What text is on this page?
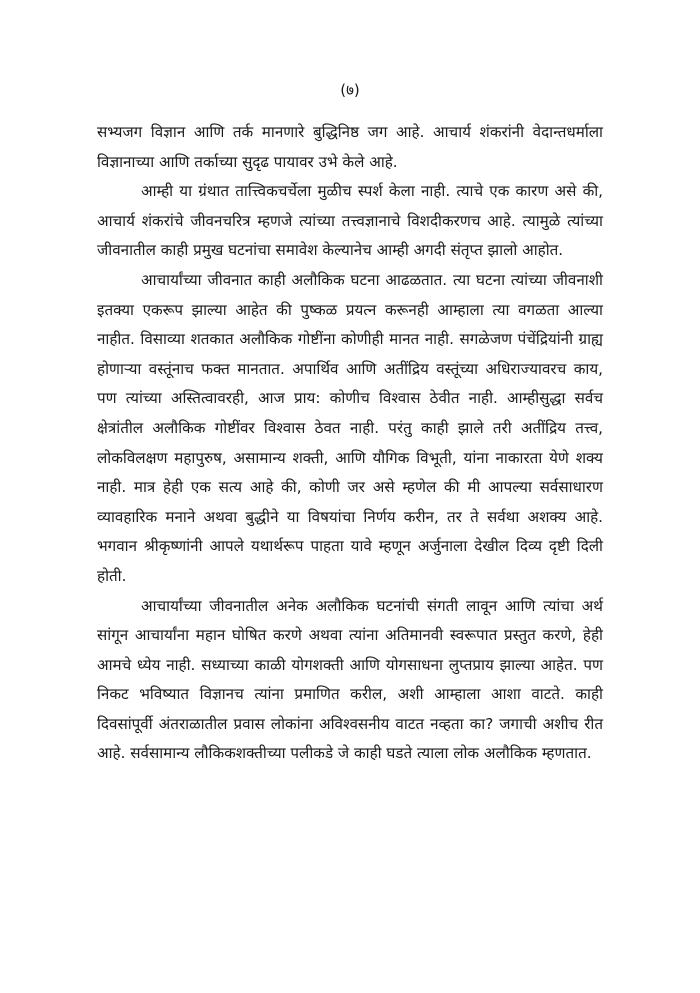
(७)

सभ्यजग विज्ञान आणि तर्क मानणारे बुद्धिनिष्ठ जग आहे. आचार्य शंकरांनी वेदान्तधर्माला विज्ञानाच्या आणि तर्काच्या सुदृढ पायावर उभे केले आहे.

आम्ही या ग्रंथात तात्त्विकचर्चेला मुळीच स्पर्श केला नाही. त्याचे एक कारण असे की, आचार्य शंकरांचे जीवनचरित्र म्हणजे त्यांच्या तत्त्वज्ञानाचे विशदीकरणच आहे. त्यामुळे त्यांच्या जीवनातील काही प्रमुख घटनांचा समावेश केल्यानेच आम्ही अगदी संतृप्त झालो आहोत.

आचार्यांच्या जीवनात काही अलौकिक घटना आढळतात. त्या घटना त्यांच्या जीवनाशी इतक्या एकरूप झाल्या आहेत की पुष्कळ प्रयत्न करूनही आम्हाला त्या वगळता आल्या नाहीत. विसाव्या शतकात अलौकिक गोष्टींना कोणीही मानत नाही. सगळेजण पंचेंद्रियांनी ग्राह्य होणाऱ्या वस्तूंनाच फक्त मानतात. अपार्थिव आणि अतींद्रिय वस्तूंच्या अधिराज्यावरच काय, पण त्यांच्या अस्तित्वावरही, आज प्राय: कोणीच विश्वास ठेवीत नाही. आम्हीसुद्धा सर्वच क्षेत्रांतील अलौकिक गोष्टींवर विश्वास ठेवत नाही. परंतु काही झाले तरी अतींद्रिय तत्त्व, लोकविलक्षण महापुरुष, असामान्य शक्ती, आणि यौगिक विभूती, यांना नाकारता येणे शक्य नाही. मात्र हेही एक सत्य आहे की, कोणी जर असे म्हणेल की मी आपल्या सर्वसाधारण व्यावहारिक मनाने अथवा बुद्धीने या विषयांचा निर्णय करीन, तर ते सर्वथा अशक्य आहे. भगवान श्रीकृष्णांनी आपले यथार्थरूप पाहता यावे म्हणून अर्जुनाला देखील दिव्य दृष्टी दिली होती.

आचार्यांच्या जीवनातील अनेक अलौकिक घटनांची संगती लावून आणि त्यांचा अर्थ सांगून आचार्यांना महान घोषित करणे अथवा त्यांना अतिमानवी स्वरूपात प्रस्तुत करणे, हेही आमचे ध्येय नाही. सध्याच्या काळी योगशक्ती आणि योगसाधना लुप्तप्राय झाल्या आहेत. पण निकट भविष्यात विज्ञानच त्यांना प्रमाणित करील, अशी आम्हाला आशा वाटते. काही दिवसांपूर्वी अंतराळातील प्रवास लोकांना अविश्वसनीय वाटत नव्हता का? जगाची अशीच रीत आहे. सर्वसामान्य लौकिकशक्तीच्या पलीकडे जे काही घडते त्याला लोक अलौकिक म्हणतात.
